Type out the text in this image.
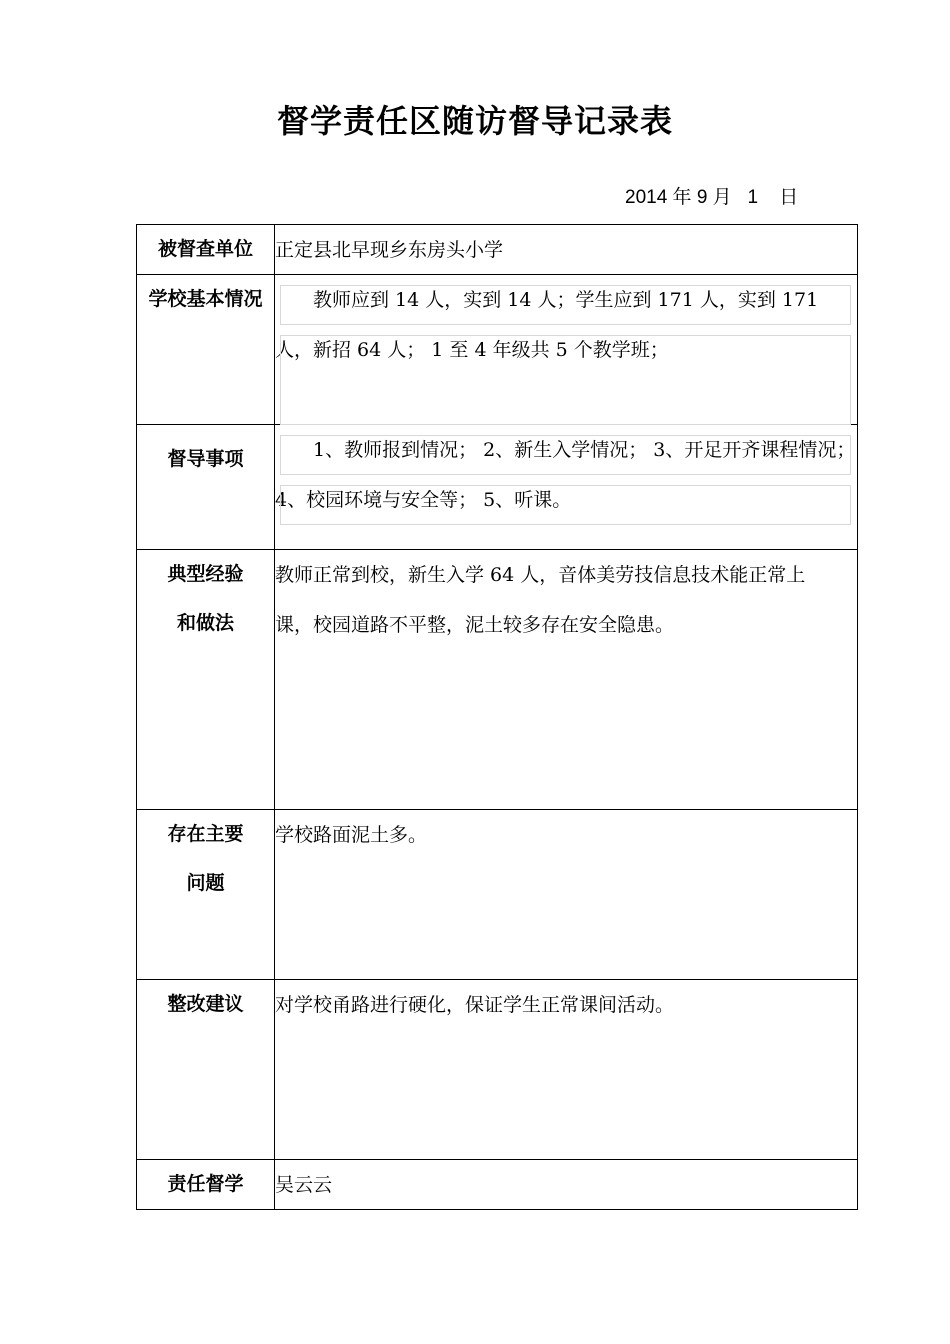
督学责任区随访督导记录表
2014 年 9 月   1    日
被督查单位	正定县北早现乡东房头小学

学校基本情况	教师应到 14 人，实到 14 人；学生应到 171 人，实到 171 人，新招 64 人； 1 至 4 年级共 5 个教学班；

督导事项	1、教师报到情况； 2、新生入学情况； 3、开足开齐课程情况； 4、校园环境与安全等； 5、听课。

典型经验和做法	教师正常到校，新生入学 64 人，音体美劳技信息技术能正常上课，校园道路不平整，泥土较多存在安全隐患。

存在主要问题	学校路面泥土多。

整改建议	对学校甬路进行硬化，保证学生正常课间活动。

责任督学	吴云云
